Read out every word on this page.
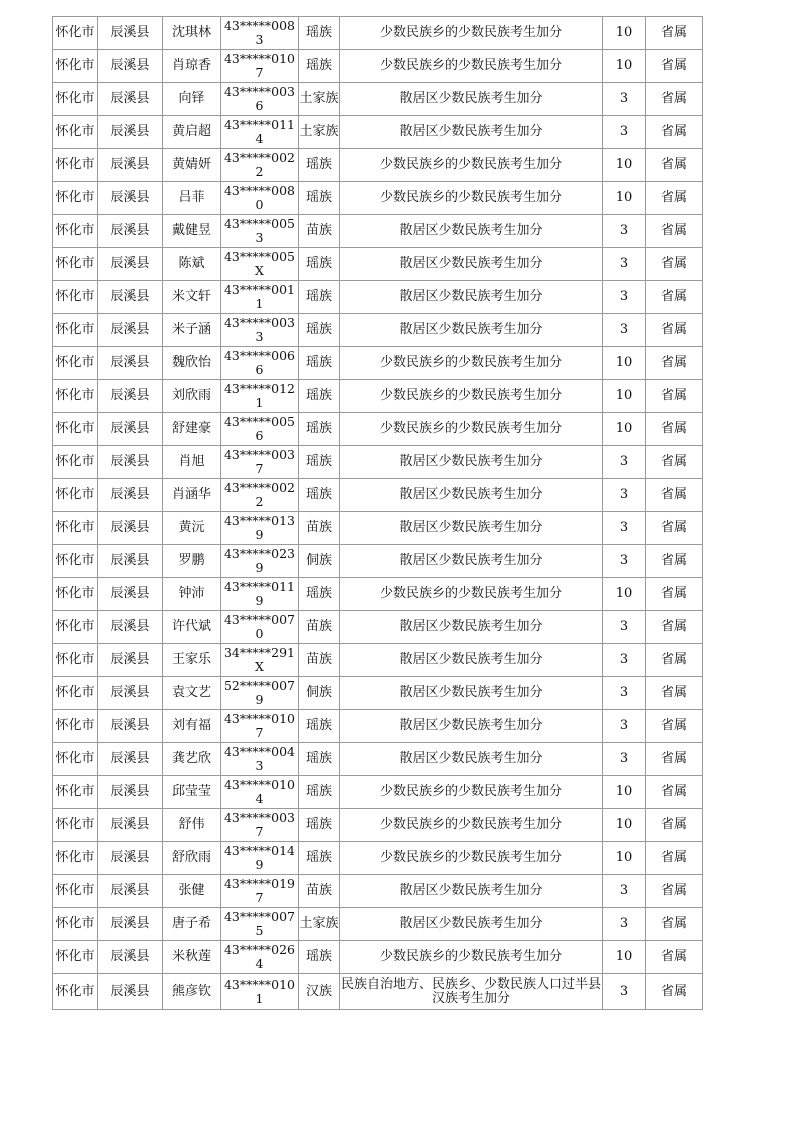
怀化市	辰溪县	沈琪林	43*****0083	瑶族	少数民族乡的少数民族考生加分	10	省属

怀化市	辰溪县	肖琼香	43*****0107	瑶族	少数民族乡的少数民族考生加分	10	省属

怀化市	辰溪县	向铎	43*****0036	土家族	散居区少数民族考生加分	3	省属

怀化市	辰溪县	黄启超	43*****0114	土家族	散居区少数民族考生加分	3	省属

怀化市	辰溪县	黄婧妍	43*****0022	瑶族	少数民族乡的少数民族考生加分	10	省属

怀化市	辰溪县	吕菲	43*****0080	瑶族	少数民族乡的少数民族考生加分	10	省属

怀化市	辰溪县	戴健昱	43*****0053	苗族	散居区少数民族考生加分	3	省属

怀化市	辰溪县	陈斌	43*****005X	瑶族	散居区少数民族考生加分	3	省属

怀化市	辰溪县	米文轩	43*****0011	瑶族	散居区少数民族考生加分	3	省属

怀化市	辰溪县	米子涵	43*****0033	瑶族	散居区少数民族考生加分	3	省属

怀化市	辰溪县	魏欣怡	43*****0066	瑶族	少数民族乡的少数民族考生加分	10	省属

怀化市	辰溪县	刘欣雨	43*****0121	瑶族	少数民族乡的少数民族考生加分	10	省属

怀化市	辰溪县	舒建豪	43*****0056	瑶族	少数民族乡的少数民族考生加分	10	省属

怀化市	辰溪县	肖旭	43*****0037	瑶族	散居区少数民族考生加分	3	省属

怀化市	辰溪县	肖涵华	43*****0022	瑶族	散居区少数民族考生加分	3	省属

怀化市	辰溪县	黄沅	43*****0139	苗族	散居区少数民族考生加分	3	省属

怀化市	辰溪县	罗鹏	43*****0239	侗族	散居区少数民族考生加分	3	省属

怀化市	辰溪县	钟沛	43*****0119	瑶族	少数民族乡的少数民族考生加分	10	省属

怀化市	辰溪县	许代斌	43*****0070	苗族	散居区少数民族考生加分	3	省属

怀化市	辰溪县	王家乐	34*****291X	苗族	散居区少数民族考生加分	3	省属

怀化市	辰溪县	袁文艺	52*****0079	侗族	散居区少数民族考生加分	3	省属

怀化市	辰溪县	刘有福	43*****0107	瑶族	散居区少数民族考生加分	3	省属

怀化市	辰溪县	龚艺欣	43*****0043	瑶族	散居区少数民族考生加分	3	省属

怀化市	辰溪县	邱莹莹	43*****0104	瑶族	少数民族乡的少数民族考生加分	10	省属

怀化市	辰溪县	舒伟	43*****0037	瑶族	少数民族乡的少数民族考生加分	10	省属

怀化市	辰溪县	舒欣雨	43*****0149	瑶族	少数民族乡的少数民族考生加分	10	省属

怀化市	辰溪县	张健	43*****0197	苗族	散居区少数民族考生加分	3	省属

怀化市	辰溪县	唐子希	43*****0075	土家族	散居区少数民族考生加分	3	省属

怀化市	辰溪县	米秋莲	43*****0264	瑶族	少数民族乡的少数民族考生加分	10	省属

怀化市	辰溪县	熊彦钦	43*****0101	汉族	民族自治地方、民族乡、少数民族人口过半县汉族考生加分	3	省属
